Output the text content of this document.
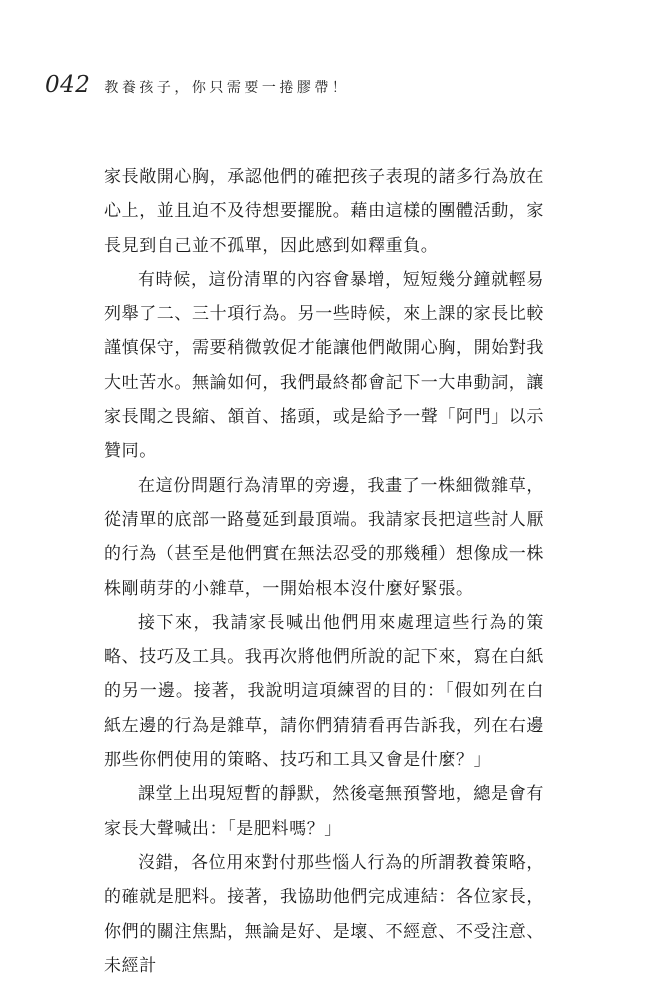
042 教養孩子，你只需要一捲膠帶！

家長敞開心胸，承認他們的確把孩子表現的諸多行為放在心上，並且迫不及待想要擺脫。藉由這樣的團體活動，家長見到自己並不孤單，因此感到如釋重負。

有時候，這份清單的內容會暴增，短短幾分鐘就輕易列舉了二、三十項行為。另一些時候，來上課的家長比較謹慎保守，需要稍微敦促才能讓他們敞開心胸，開始對我大吐苦水。無論如何，我們最終都會記下一大串動詞，讓家長聞之畏縮、頷首、搖頭，或是給予一聲「阿門」以示贊同。

在這份問題行為清單的旁邊，我畫了一株細微雜草，從清單的底部一路蔓延到最頂端。我請家長把這些討人厭的行為（甚至是他們實在無法忍受的那幾種）想像成一株株剛萌芽的小雜草，一開始根本沒什麼好緊張。

接下來，我請家長喊出他們用來處理這些行為的策略、技巧及工具。我再次將他們所說的記下來，寫在白紙的另一邊。接著，我說明這項練習的目的：「假如列在白紙左邊的行為是雜草，請你們猜猜看再告訴我，列在右邊那些你們使用的策略、技巧和工具又會是什麼？」

課堂上出現短暫的靜默，然後毫無預警地，總是會有家長大聲喊出：「是肥料嗎？」

沒錯，各位用來對付那些惱人行為的所謂教養策略，的確就是肥料。接著，我協助他們完成連結：各位家長，你們的關注焦點，無論是好、是壞、不經意、不受注意、未經計
